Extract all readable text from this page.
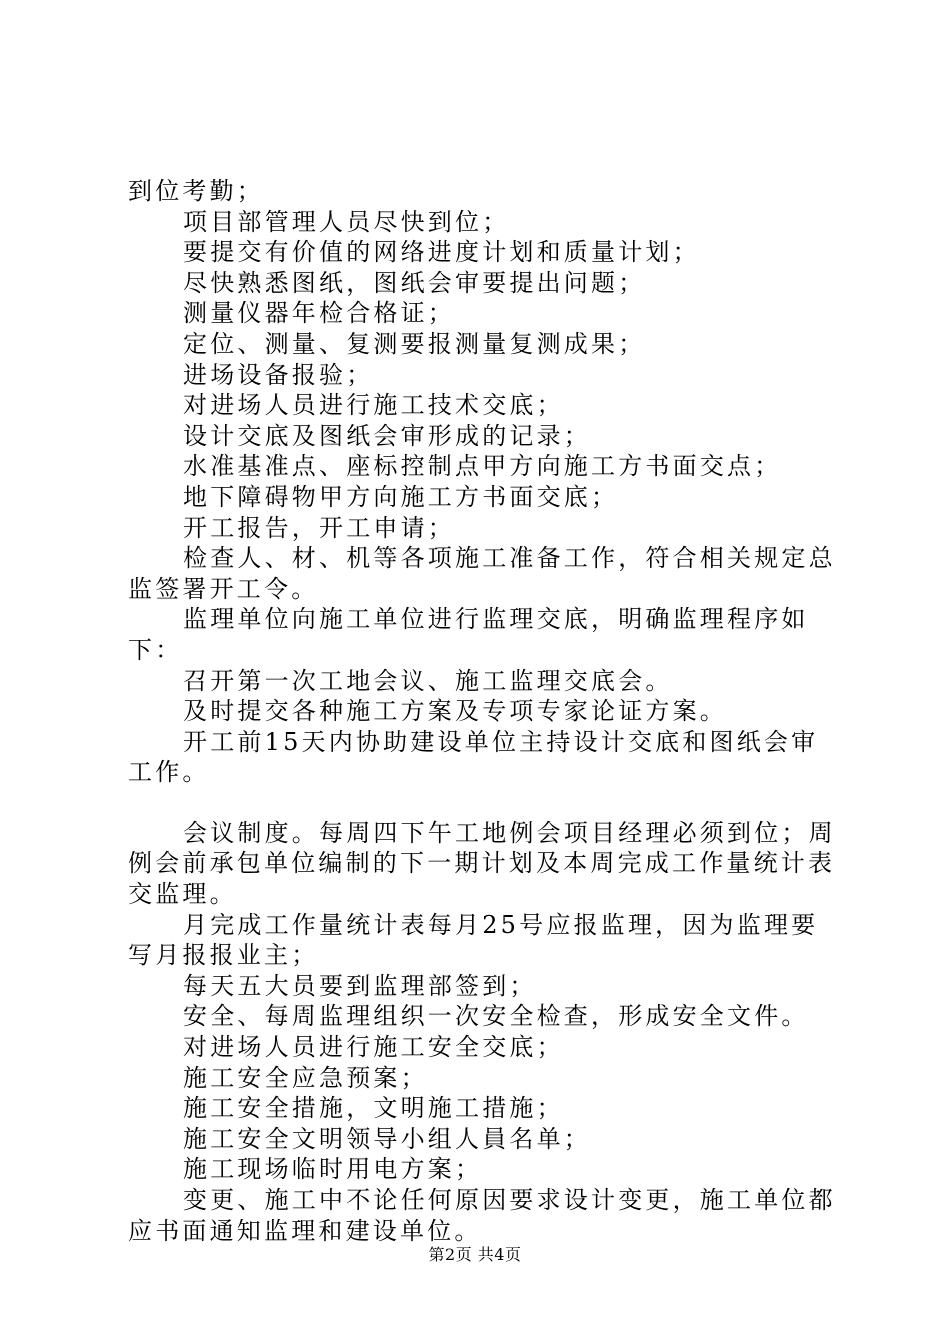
到位考勤；

项目部管理人员尽快到位；

要提交有价值的网络进度计划和质量计划；

尽快熟悉图纸，图纸会审要提出问题；

测量仪器年检合格证；

定位、测量、复测要报测量复测成果；

进场设备报验；

对进场人员进行施工技术交底；

设计交底及图纸会审形成的记录；

水准基准点、座标控制点甲方向施工方书面交点；

地下障碍物甲方向施工方书面交底；

开工报告，开工申请；

检查人、材、机等各项施工准备工作，符合相关规定总监签署开工令。

监理单位向施工单位进行监理交底，明确监理程序如下：

召开第一次工地会议、施工监理交底会。

及时提交各种施工方案及专项专家论证方案。

开工前15天内协助建设单位主持设计交底和图纸会审工作。

会议制度。每周四下午工地例会项目经理必须到位；周例会前承包单位编制的下一期计划及本周完成工作量统计表交监理。

月完成工作量统计表每月25号应报监理，因为监理要写月报报业主；

每天五大员要到监理部签到；

安全、每周监理组织一次安全检查，形成安全文件。

对进场人员进行施工安全交底；

施工安全应急预案；

施工安全措施，文明施工措施；

施工安全文明领导小组人員名单；

施工现场临时用电方案；

变更、施工中不论任何原因要求设计变更，施工单位都应书面通知监理和建设单位。

第2页 共4页
